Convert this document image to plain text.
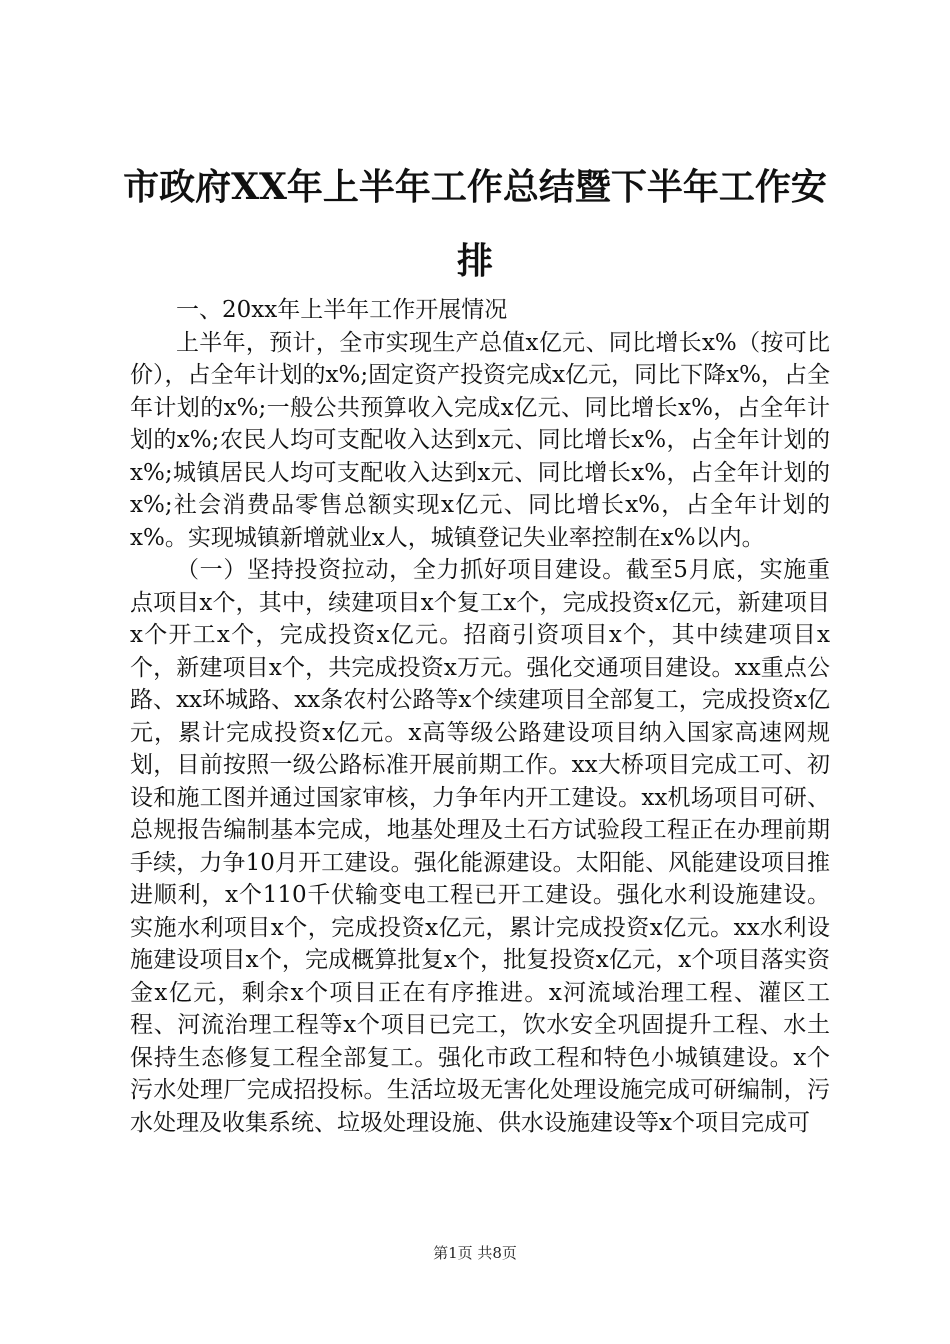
市政府XX年上半年工作总结暨下半年工作安排

一、20xx年上半年工作开展情况

上半年，预计，全市实现生产总值x亿元、同比增长x%（按可比价），占全年计划的x%;固定资产投资完成x亿元，同比下降x%，占全年计划的x%;一般公共预算收入完成x亿元、同比增长x%，占全年计划的x%;农民人均可支配收入达到x元、同比增长x%，占全年计划的x%;城镇居民人均可支配收入达到x元、同比增长x%，占全年计划的x%;社会消费品零售总额实现x亿元、同比增长x%，占全年计划的x%。实现城镇新增就业x人，城镇登记失业率控制在x%以内。

（一）坚持投资拉动，全力抓好项目建设。截至5月底，实施重点项目x个，其中，续建项目x个复工x个，完成投资x亿元，新建项目x个开工x个，完成投资x亿元。招商引资项目x个，其中续建项目x个，新建项目x个，共完成投资x万元。强化交通项目建设。xx重点公路、xx环城路、xx条农村公路等x个续建项目全部复工，完成投资x亿元，累计完成投资x亿元。x高等级公路建设项目纳入国家高速网规划，目前按照一级公路标准开展前期工作。xx大桥项目完成工可、初设和施工图并通过国家审核，力争年内开工建设。xx机场项目可研、总规报告编制基本完成，地基处理及土石方试验段工程正在办理前期手续，力争10月开工建设。强化能源建设。太阳能、风能建设项目推进顺利，x个110千伏输变电工程已开工建设。强化水利设施建设。实施水利项目x个，完成投资x亿元，累计完成投资x亿元。xx水利设施建设项目x个，完成概算批复x个，批复投资x亿元，x个项目落实资金x亿元，剩余x个项目正在有序推进。x河流域治理工程、灌区工程、河流治理工程等x个项目已完工，饮水安全巩固提升工程、水土保持生态修复工程全部复工。强化市政工程和特色小城镇建设。x个污水处理厂完成招投标。生活垃圾无害化处理设施完成可研编制，污水处理及收集系统、垃圾处理设施、供水设施建设等x个项目完成可

第1页 共8页
